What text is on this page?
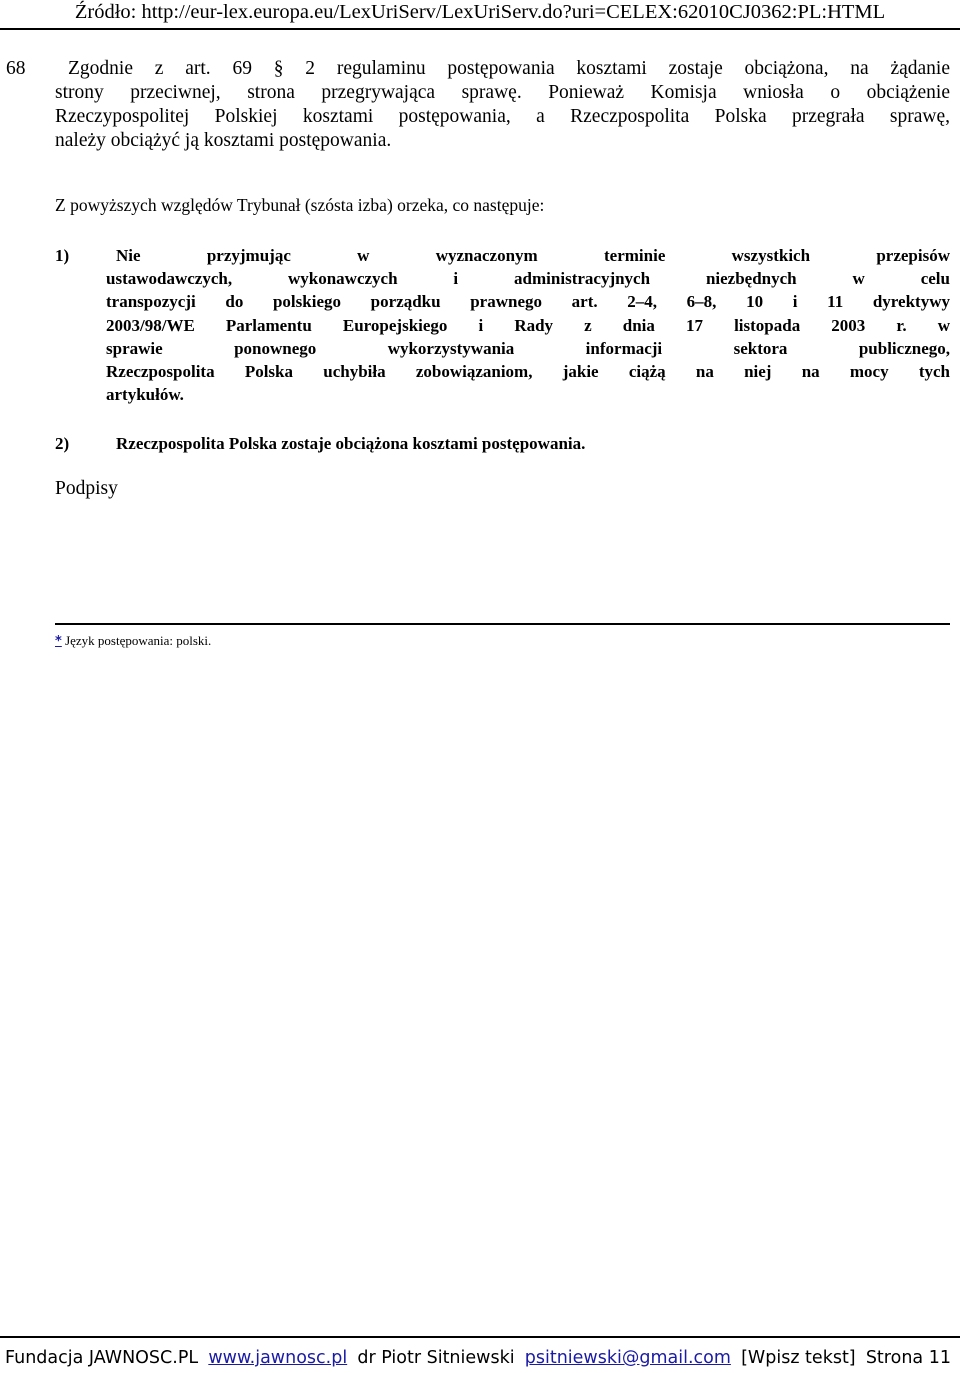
Źródło: http://eur-lex.europa.eu/LexUriServ/LexUriServ.do?uri=CELEX:62010CJ0362:PL:HTML
68 Zgodnie z art. 69 § 2 regulaminu postępowania kosztami zostaje obciążona, na żądanie
strony przeciwnej, strona przegrywająca sprawę. Ponieważ Komisja wniosła o obciążenie
Rzeczypospolitej Polskiej kosztami postępowania, a Rzeczpospolita Polska przegrała sprawę,
należy obciążyć ją kosztami postępowania.
Z powyższych względów Trybunał (szósta izba) orzeka, co następuje:
1)	Nie przyjmując w wyznaczonym terminie wszystkich przepisów
ustawodawczych, wykonawczych i administracyjnych niezbędnych w celu
transpozycji do polskiego porządku prawnego art. 2–4, 6–8, 10 i 11 dyrektywy
2003/98/WE Parlamentu Europejskiego i Rady z dnia 17 listopada 2003 r. w
sprawie ponownego wykorzystywania informacji sektora publicznego,
Rzeczpospolita Polska uchybiła zobowiązaniom, jakie ciążą na niej na mocy tych
artykułów.
2)	Rzeczpospolita Polska zostaje obciążona kosztami postępowania.
Podpisy
* Język postępowania: polski.
Fundacja JAWNOSC.PL www.jawnosc.pl dr Piotr Sitniewski psitniewski@gmail.com [Wpisz tekst] Strona 11
